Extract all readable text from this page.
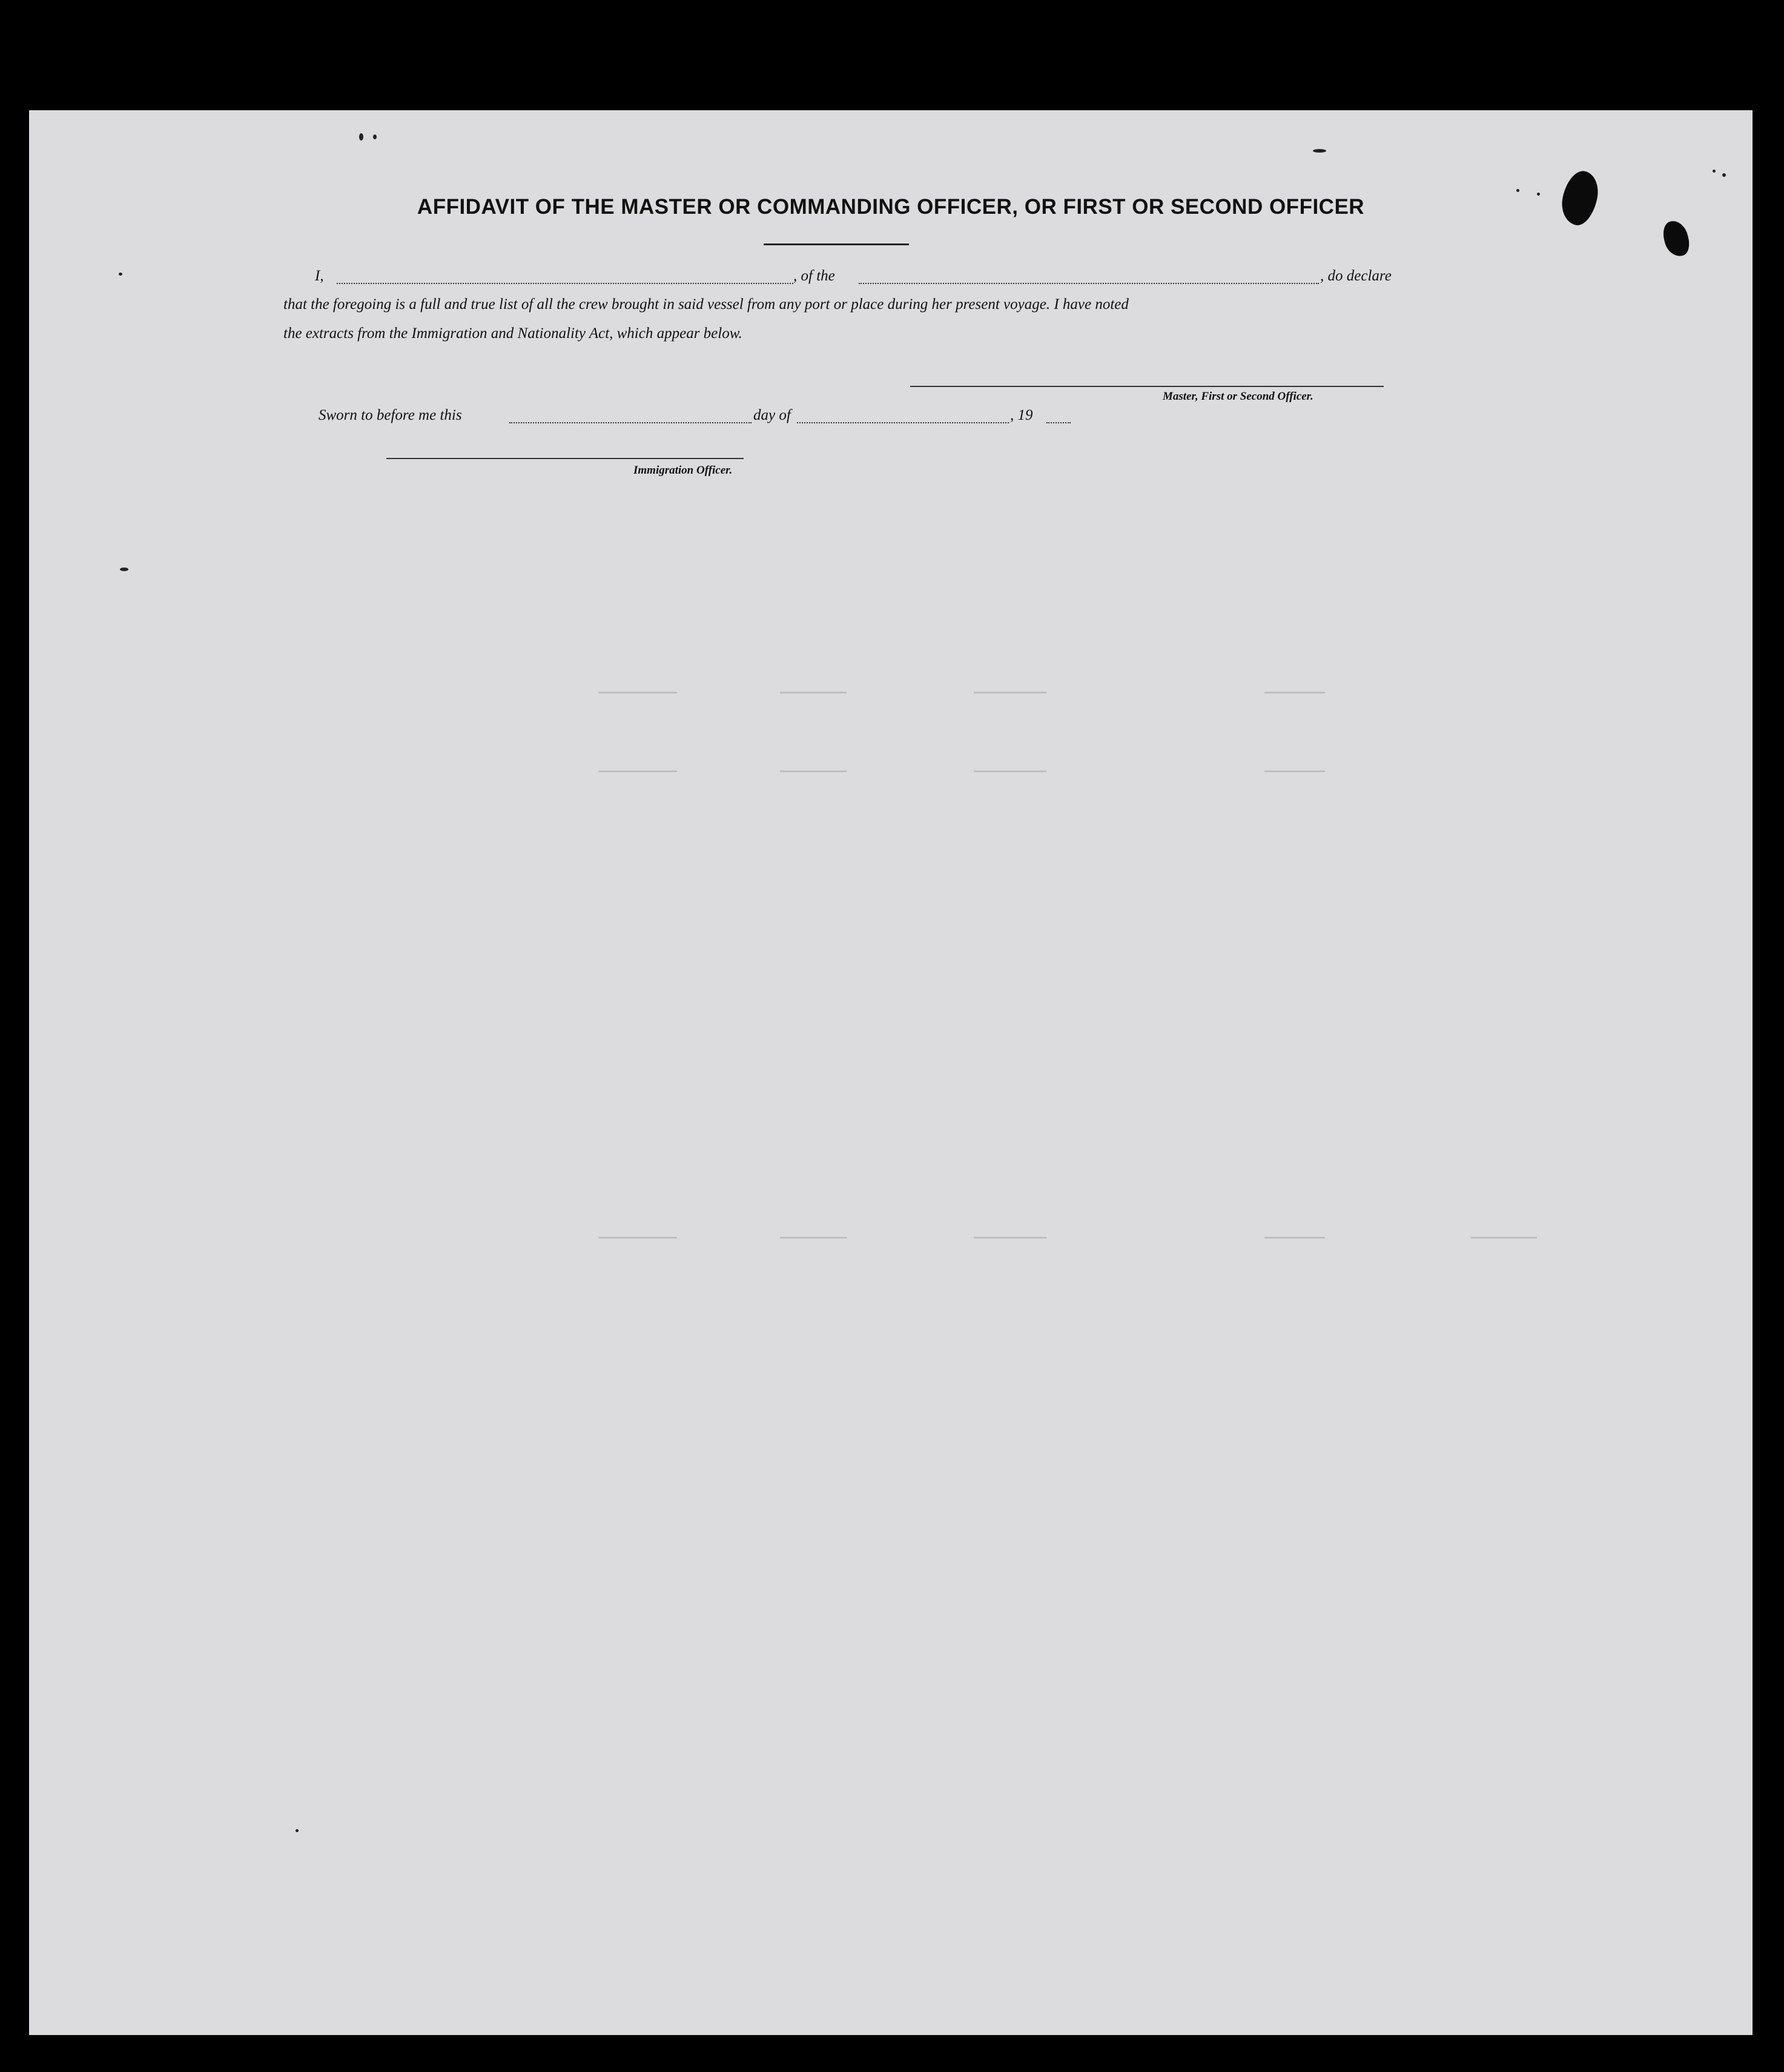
AFFIDAVIT OF THE MASTER OR COMMANDING OFFICER, OR FIRST OR SECOND OFFICER
I,	, of the	, do declare
that the foregoing is a full and true list of all the crew brought in said vessel from any port or place during her present voyage. I have noted
the extracts from the Immigration and Nationality Act, which appear below.
Master, First or Second Officer.
Sworn to before me this	day of	, 19
Immigration Officer.
